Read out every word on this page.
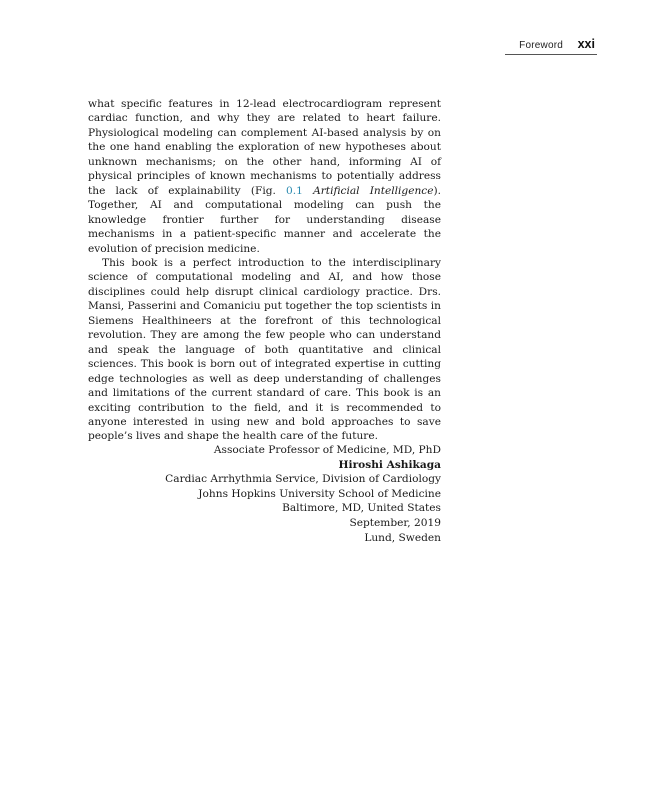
Foreword xxi

what specific features in 12-lead electrocardiogram represent cardiac function, and why they are related to heart failure. Physiological modeling can complement AI-based analysis by on the one hand enabling the exploration of new hypotheses about unknown mechanisms; on the other hand, informing AI of physical principles of known mechanisms to potentially address the lack of explainability (Fig. 0.1 Artificial Intelligence). Together, AI and computational modeling can push the knowledge frontier further for understanding disease mechanisms in a patient-specific manner and accelerate the evolution of precision medicine.

This book is a perfect introduction to the interdisciplinary science of computational modeling and AI, and how those disciplines could help disrupt clinical cardiology practice. Drs. Mansi, Passerini and Comaniciu put together the top scientists in Siemens Healthineers at the forefront of this technological revolution. They are among the few people who can understand and speak the language of both quantitative and clinical sciences. This book is born out of integrated expertise in cutting edge technologies as well as deep understanding of challenges and limitations of the current standard of care. This book is an exciting contribution to the field, and it is recommended to anyone interested in using new and bold approaches to save people’s lives and shape the health care of the future.

Associate Professor of Medicine, MD, PhD
Hiroshi Ashikaga
Cardiac Arrhythmia Service, Division of Cardiology
Johns Hopkins University School of Medicine
Baltimore, MD, United States
September, 2019
Lund, Sweden
